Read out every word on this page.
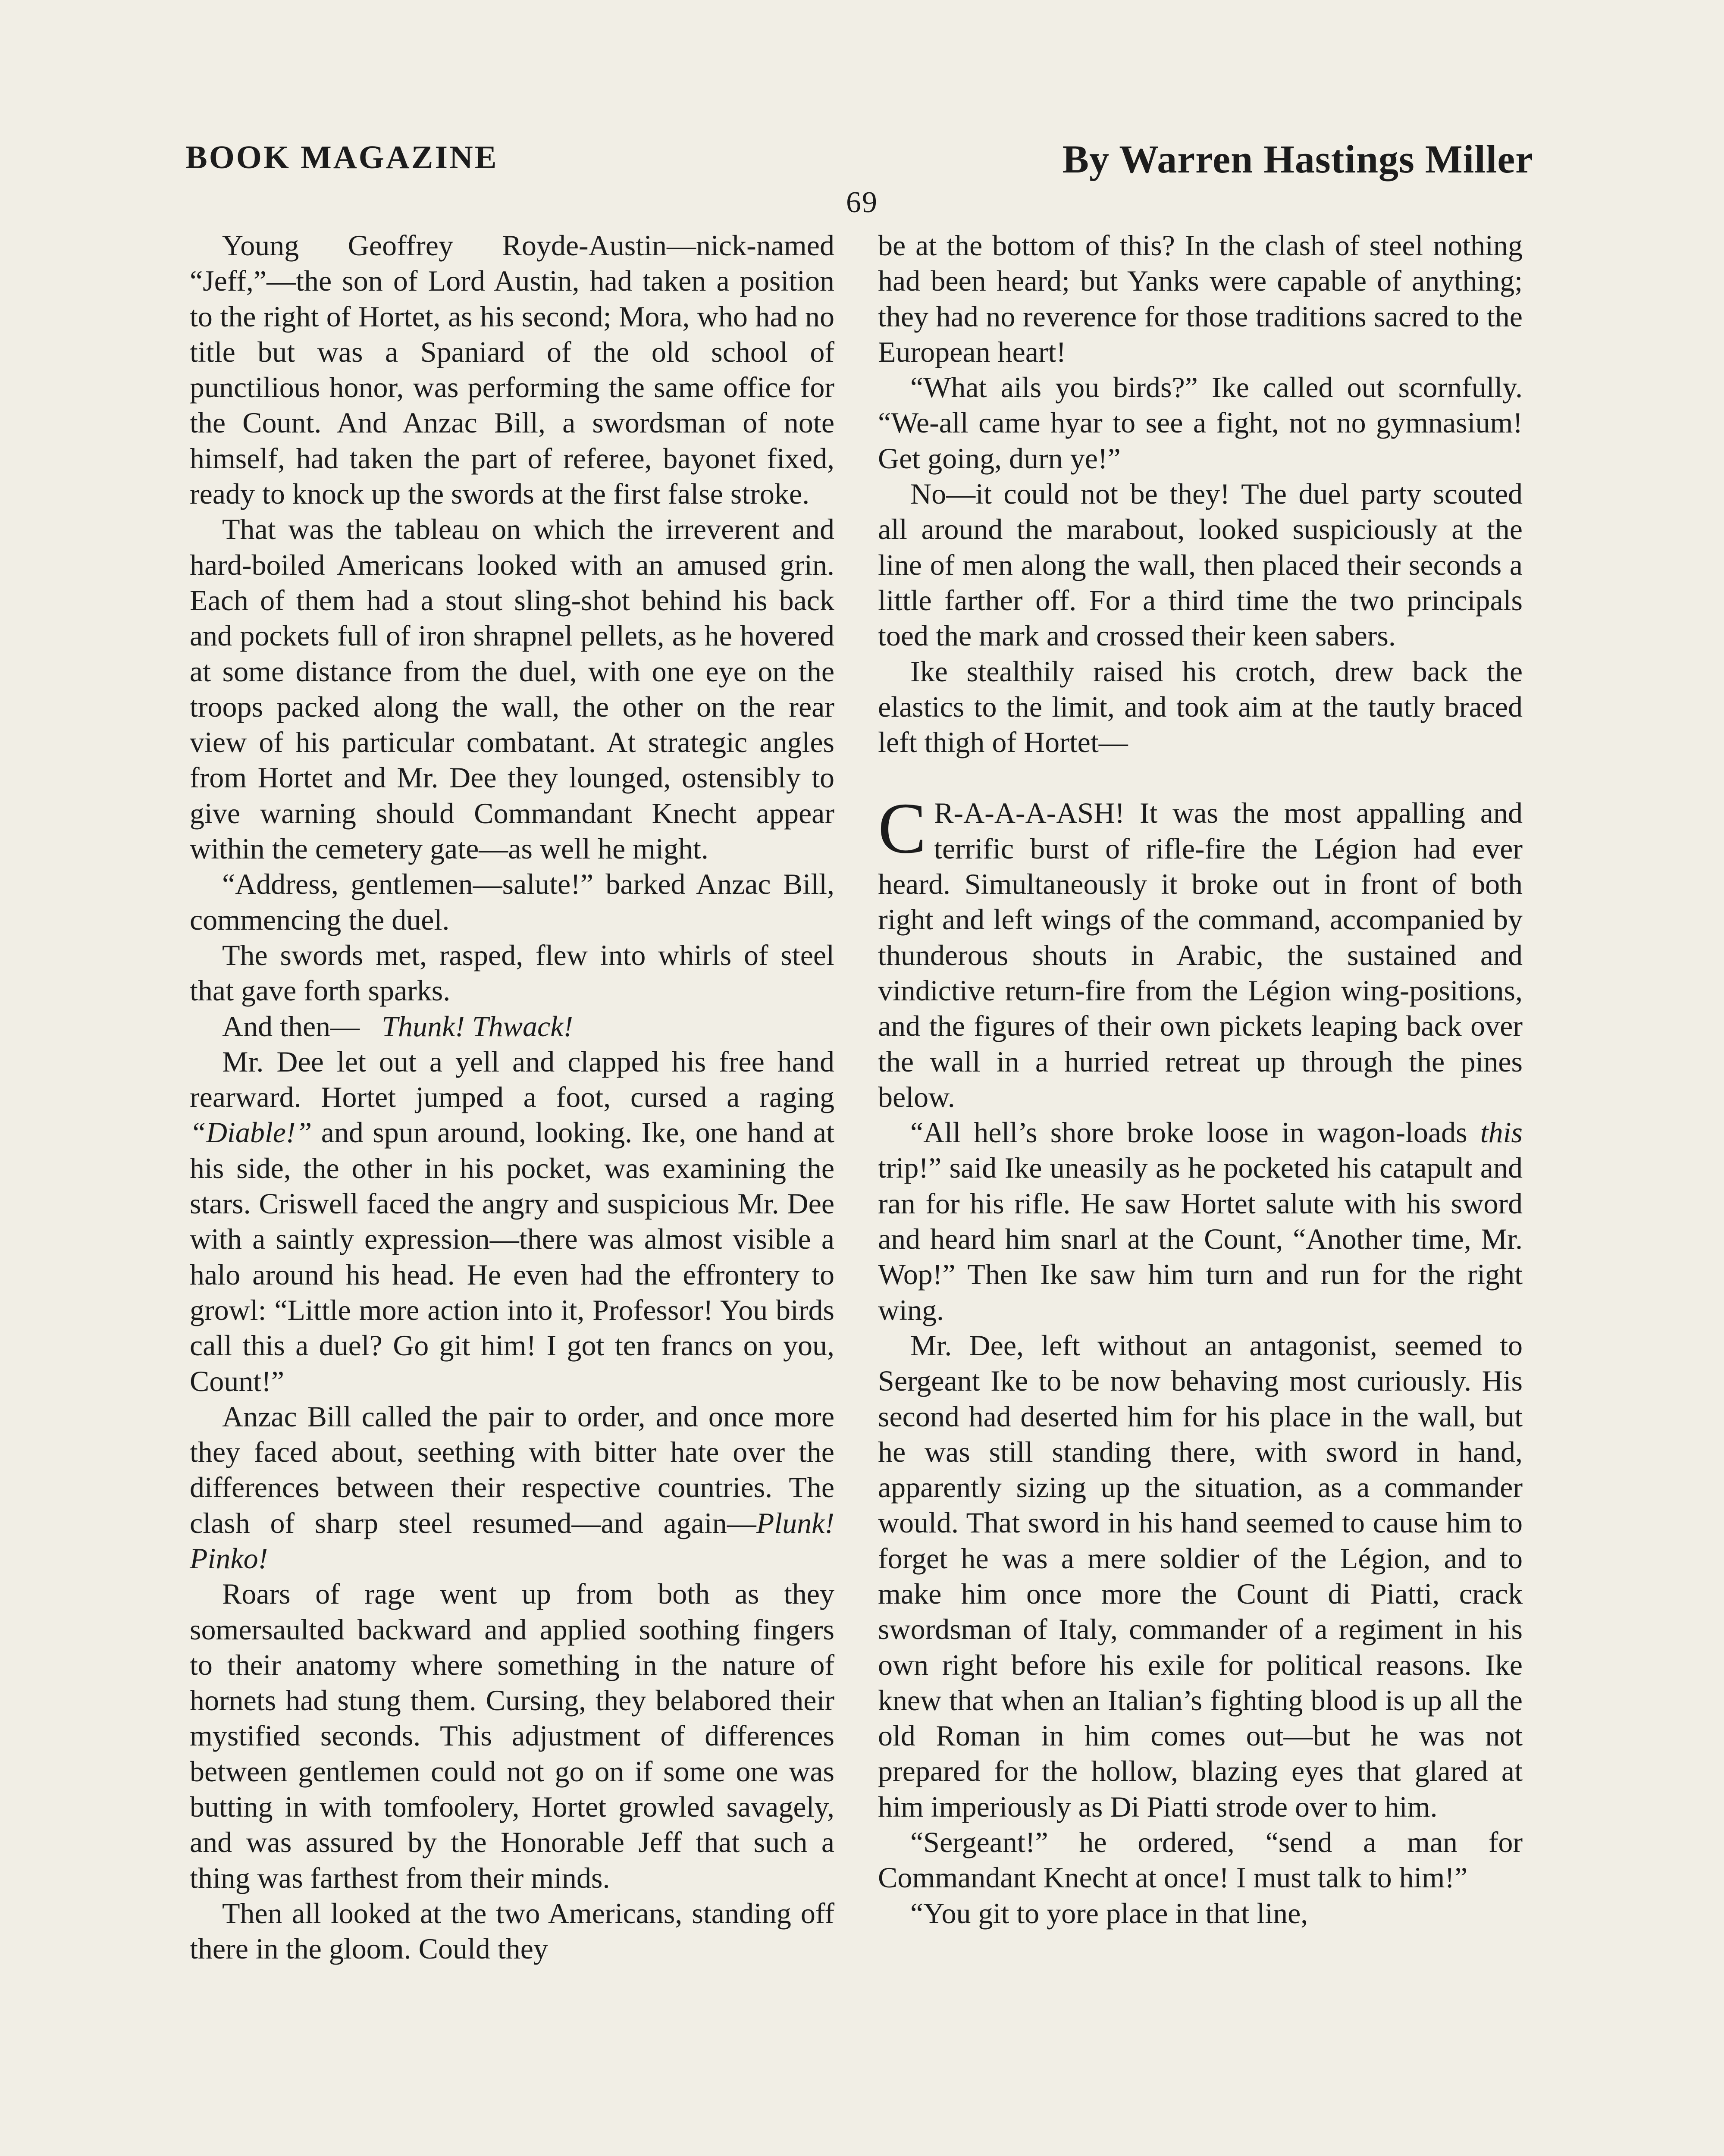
BOOK MAGAZINE	By Warren Hastings Miller
69

Young Geoffrey Royde-Austin—nick-named “Jeff,”—the son of Lord Austin, had taken a position to the right of Hortet, as his second; Mora, who had no title but was a Spaniard of the old school of punctilious honor, was performing the same office for the Count. And Anzac Bill, a swordsman of note himself, had taken the part of referee, bayonet fixed, ready to knock up the swords at the first false stroke.

That was the tableau on which the irreverent and hard-boiled Americans looked with an amused grin. Each of them had a stout sling-shot behind his back and pockets full of iron shrapnel pellets, as he hovered at some distance from the duel, with one eye on the troops packed along the wall, the other on the rear view of his particular combatant. At strategic angles from Hortet and Mr. Dee they lounged, ostensibly to give warning should Commandant Knecht appear within the cemetery gate—as well he might.

“Address, gentlemen—salute!” barked Anzac Bill, commencing the duel.

The swords met, rasped, flew into whirls of steel that gave forth sparks.

And then— Thunk! Thwack!

Mr. Dee let out a yell and clapped his free hand rearward. Hortet jumped a foot, cursed a raging “Diable!” and spun around, looking. Ike, one hand at his side, the other in his pocket, was examining the stars. Criswell faced the angry and suspicious Mr. Dee with a saintly expression—there was almost visible a halo around his head. He even had the effrontery to growl: “Little more action into it, Professor! You birds call this a duel? Go git him! I got ten francs on you, Count!”

Anzac Bill called the pair to order, and once more they faced about, seething with bitter hate over the differences between their respective countries. The clash of sharp steel resumed—and again—Plunk! Pinko!

Roars of rage went up from both as they somersaulted backward and applied soothing fingers to their anatomy where something in the nature of hornets had stung them. Cursing, they belabored their mystified seconds. This adjustment of differences between gentlemen could not go on if some one was butting in with tomfoolery, Hortet growled savagely, and was assured by the Honorable Jeff that such a thing was farthest from their minds.

Then all looked at the two Americans, standing off there in the gloom. Could they

be at the bottom of this? In the clash of steel nothing had been heard; but Yanks were capable of anything; they had no reverence for those traditions sacred to the European heart!

“What ails you birds?” Ike called out scornfully. “We-all came hyar to see a fight, not no gymnasium! Get going, durn ye!”

No—it could not be they! The duel party scouted all around the marabout, looked suspiciously at the line of men along the wall, then placed their seconds a little farther off. For a third time the two principals toed the mark and crossed their keen sabers.

Ike stealthily raised his crotch, drew back the elastics to the limit, and took aim at the tautly braced left thigh of Hortet—

C R-A-A-A-ASH! It was the most appalling and terrific burst of rifle-fire the Légion had ever heard. Simultaneously it broke out in front of both right and left wings of the command, accompanied by thunderous shouts in Arabic, the sustained and vindictive return-fire from the Légion wing-positions, and the figures of their own pickets leaping back over the wall in a hurried retreat up through the pines below.

“All hell’s shore broke loose in wagon-loads this trip!” said Ike uneasily as he pocketed his catapult and ran for his rifle. He saw Hortet salute with his sword and heard him snarl at the Count, “Another time, Mr. Wop!” Then Ike saw him turn and run for the right wing.

Mr. Dee, left without an antagonist, seemed to Sergeant Ike to be now behaving most curiously. His second had deserted him for his place in the wall, but he was still standing there, with sword in hand, apparently sizing up the situation, as a commander would. That sword in his hand seemed to cause him to forget he was a mere soldier of the Légion, and to make him once more the Count di Piatti, crack swordsman of Italy, commander of a regiment in his own right before his exile for political reasons. Ike knew that when an Italian’s fighting blood is up all the old Roman in him comes out—but he was not prepared for the hollow, blazing eyes that glared at him imperiously as Di Piatti strode over to him.

“Sergeant!” he ordered, “send a man for Commandant Knecht at once! I must talk to him!”

“You git to yore place in that line,
